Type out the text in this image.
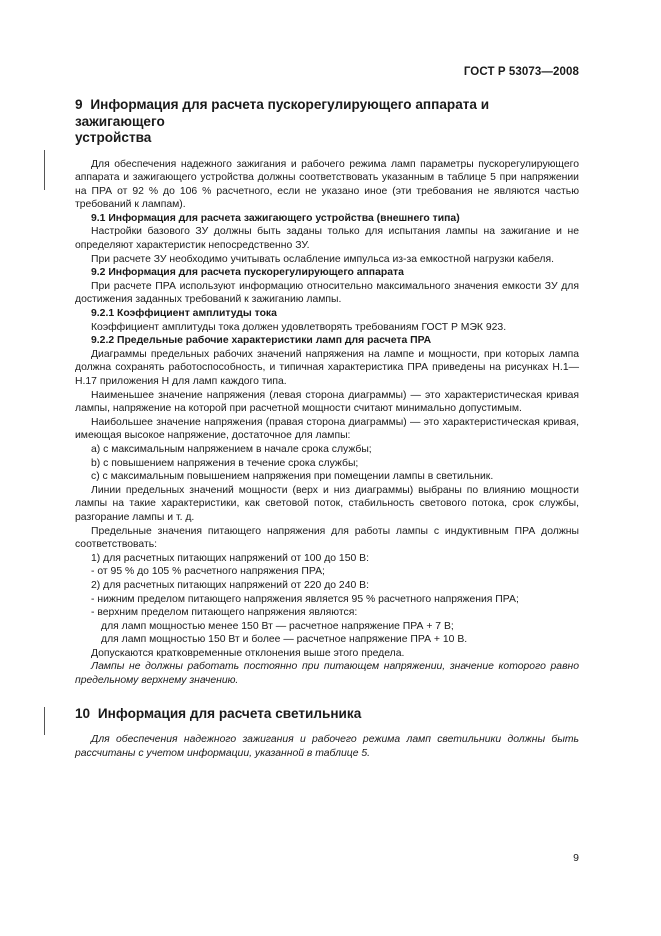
ГОСТ Р 53073—2008
9 Информация для расчета пускорегулирующего аппарата и зажигающего
устройства

Для обеспечения надежного зажигания и рабочего режима ламп параметры пускорегулирующего аппарата и зажигающего устройства должны соответствовать указанным в таблице 5 при напряжении на ПРА от 92 % до 106 % расчетного, если не указано иное (эти требования не являются частью требований к лампам).

9.1 Информация для расчета зажигающего устройства (внешнего типа)

Настройки базового ЗУ должны быть заданы только для испытания лампы на зажигание и не определяют характеристик непосредственно ЗУ.

При расчете ЗУ необходимо учитывать ослабление импульса из-за емкостной нагрузки кабеля.

9.2 Информация для расчета пускорегулирующего аппарата

При расчете ПРА используют информацию относительно максимального значения емкости ЗУ для достижения заданных требований к зажиганию лампы.

9.2.1 Коэффициент амплитуды тока

Коэффициент амплитуды тока должен удовлетворять требованиям ГОСТ Р МЭК 923.

9.2.2 Предельные рабочие характеристики ламп для расчета ПРА

Диаграммы предельных рабочих значений напряжения на лампе и мощности, при которых лампа должна сохранять работоспособность, и типичная характеристика ПРА приведены на рисунках Н.1—Н.17 приложения Н для ламп каждого типа.

Наименьшее значение напряжения (левая сторона диаграммы) — это характеристическая кривая лампы, напряжение на которой при расчетной мощности считают минимально допустимым.

Наибольшее значение напряжения (правая сторона диаграммы) — это характеристическая кривая, имеющая высокое напряжение, достаточное для лампы:

a) с максимальным напряжением в начале срока службы;

b) с повышением напряжения в течение срока службы;

c) с максимальным повышением напряжения при помещении лампы в светильник.

Линии предельных значений мощности (верх и низ диаграммы) выбраны по влиянию мощности лампы на такие характеристики, как световой поток, стабильность светового потока, срок службы, разгорание лампы и т. д.

Предельные значения питающего напряжения для работы лампы с индуктивным ПРА должны соответствовать:

1) для расчетных питающих напряжений от 100 до 150 В:

- от 95 % до 105 % расчетного напряжения ПРА;

2) для расчетных питающих напряжений от 220 до 240 В:

- нижним пределом питающего напряжения является 95 % расчетного напряжения ПРА;

- верхним пределом питающего напряжения являются:

для ламп мощностью менее 150 Вт — расчетное напряжение ПРА + 7 В;

для ламп мощностью 150 Вт и более — расчетное напряжение ПРА + 10 В.

Допускаются кратковременные отклонения выше этого предела.

Лампы не должны работать постоянно при питающем напряжении, значение которого равно предельному верхнему значению.

10 Информация для расчета светильника

Для обеспечения надежного зажигания и рабочего режима ламп светильники должны быть рассчитаны с учетом информации, указанной в таблице 5.

9
